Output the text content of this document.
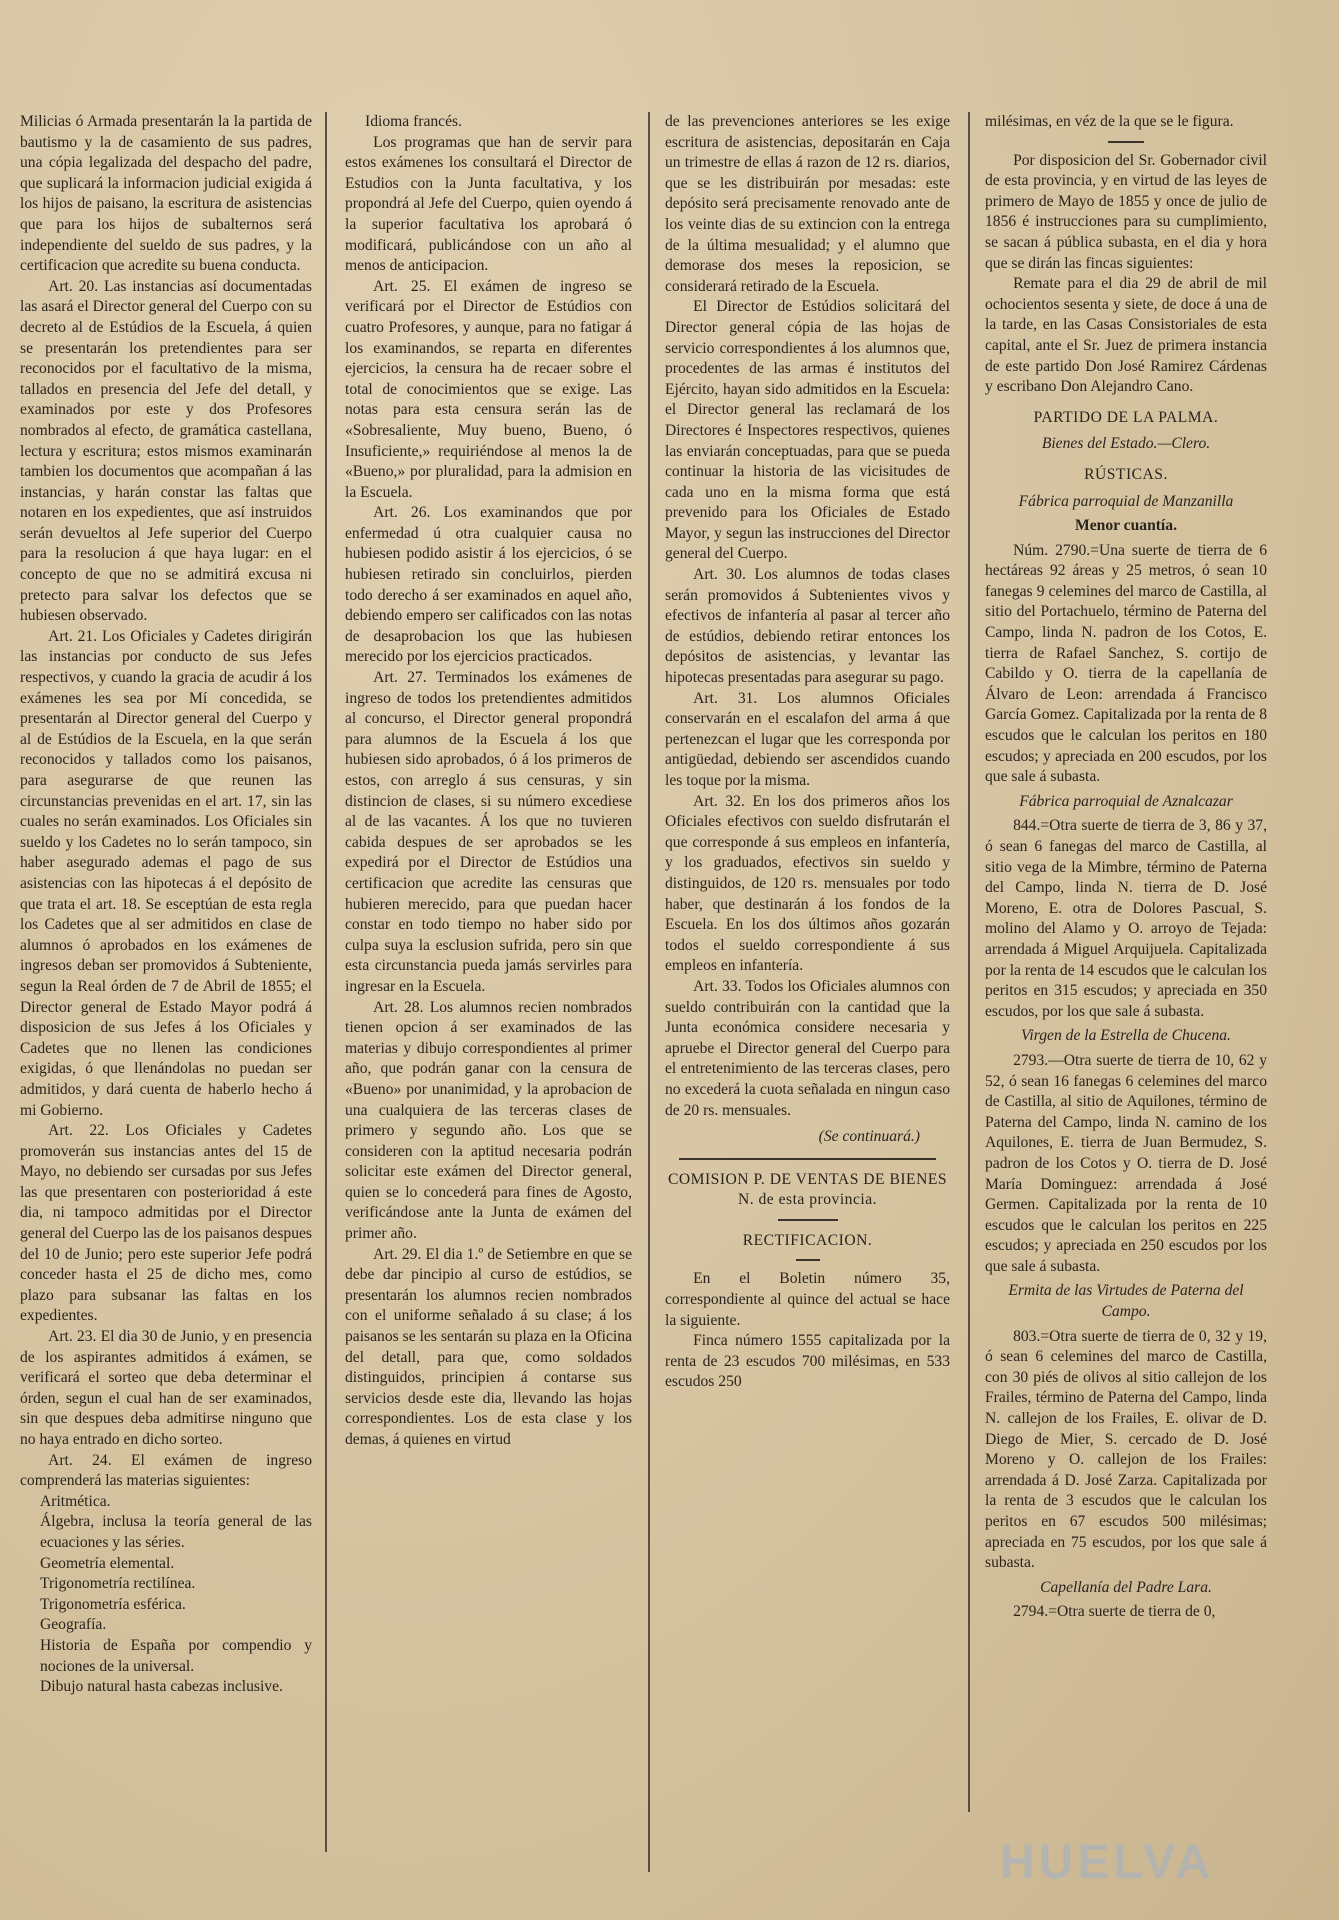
Milicias ó Armada presentarán la la partida de bautismo y la de casamiento de sus padres, una cópia legalizada del despacho del padre, que suplicará la informacion judicial exigida á los hijos de paisano, la escritura de asistencias que para los hijos de subalternos será independiente del sueldo de sus padres, y la certificacion que acredite su buena conducta.

Art. 20. Las instancias así documentadas las asará el Director general del Cuerpo con su decreto al de Estúdios de la Escuela, á quien se presentarán los pretendientes para ser reconocidos por el facultativo de la misma, tallados en presencia del Jefe del detall, y examinados por este y dos Profesores nombrados al efecto, de gramática castellana, lectura y escritura; estos mismos examinarán tambien los documentos que acompañan á las instancias, y harán constar las faltas que notaren en los expedientes, que así instruidos serán devueltos al Jefe superior del Cuerpo para la resolucion á que haya lugar: en el concepto de que no se admitirá excusa ni pretecto para salvar los defectos que se hubiesen observado.

Art. 21. Los Oficiales y Cadetes dirigirán las instancias por conducto de sus Jefes respectivos, y cuando la gracia de acudir á los exámenes les sea por Mí concedida, se presentarán al Director general del Cuerpo y al de Estúdios de la Escuela, en la que serán reconocidos y tallados como los paisanos, para asegurarse de que reunen las circunstancias prevenidas en el art. 17, sin las cuales no serán examinados. Los Oficiales sin sueldo y los Cadetes no lo serán tampoco, sin haber asegurado ademas el pago de sus asistencias con las hipotecas á el depósito de que trata el art. 18. Se esceptúan de esta regla los Cadetes que al ser admitidos en clase de alumnos ó aprobados en los exámenes de ingresos deban ser promovidos á Subteniente, segun la Real órden de 7 de Abril de 1855; el Director general de Estado Mayor podrá á disposicion de sus Jefes á los Oficiales y Cadetes que no llenen las condiciones exigidas, ó que llenándolas no puedan ser admitidos, y dará cuenta de haberlo hecho á mi Gobierno.

Art. 22. Los Oficiales y Cadetes promoverán sus instancias antes del 15 de Mayo, no debiendo ser cursadas por sus Jefes las que presentaren con posterioridad á este dia, ni tampoco admitidas por el Director general del Cuerpo las de los paisanos despues del 10 de Junio; pero este superior Jefe podrá conceder hasta el 25 de dicho mes, como plazo para subsanar las faltas en los expedientes.

Art. 23. El dia 30 de Junio, y en presencia de los aspirantes admitidos á exámen, se verificará el sorteo que deba determinar el órden, segun el cual han de ser examinados, sin que despues deba admitirse ninguno que no haya entrado en dicho sorteo.

Art. 24. El exámen de ingreso comprenderá las materias siguientes:

Aritmética.

Álgebra, inclusa la teoría general de las ecuaciones y las séries.

Geometría elemental.

Trigonometría rectilínea.

Trigonometría esférica.

Geografía.

Historia de España por compendio y nociones de la universal.

Dibujo natural hasta cabezas inclusive.

Idioma francés.

Los programas que han de servir para estos exámenes los consultará el Director de Estudios con la Junta facultativa, y los propondrá al Jefe del Cuerpo, quien oyendo á la superior facultativa los aprobará ó modificará, publicándose con un año al menos de anticipacion.

Art. 25. El exámen de ingreso se verificará por el Director de Estúdios con cuatro Profesores, y aunque, para no fatigar á los examinandos, se reparta en diferentes ejercicios, la censura ha de recaer sobre el total de conocimientos que se exige. Las notas para esta censura serán las de «Sobresaliente, Muy bueno, Bueno, ó Insuficiente,» requiriéndose al menos la de «Bueno,» por pluralidad, para la admision en la Escuela.

Art. 26. Los examinandos que por enfermedad ú otra cualquier causa no hubiesen podido asistir á los ejercicios, ó se hubiesen retirado sin concluirlos, pierden todo derecho á ser examinados en aquel año, debiendo empero ser calificados con las notas de desaprobacion los que las hubiesen merecido por los ejercicios practicados.

Art. 27. Terminados los exámenes de ingreso de todos los pretendientes admitidos al concurso, el Director general propondrá para alumnos de la Escuela á los que hubiesen sido aprobados, ó á los primeros de estos, con arreglo á sus censuras, y sin distincion de clases, si su número excediese al de las vacantes. Á los que no tuvieren cabida despues de ser aprobados se les expedirá por el Director de Estúdios una certificacion que acredite las censuras que hubieren merecido, para que puedan hacer constar en todo tiempo no haber sido por culpa suya la esclusion sufrida, pero sin que esta circunstancia pueda jamás servirles para ingresar en la Escuela.

Art. 28. Los alumnos recien nombrados tienen opcion á ser examinados de las materias y dibujo correspondientes al primer año, que podrán ganar con la censura de «Bueno» por unanimidad, y la aprobacion de una cualquiera de las terceras clases de primero y segundo año. Los que se consideren con la aptitud necesaria podrán solicitar este exámen del Director general, quien se lo concederá para fines de Agosto, verificándose ante la Junta de exámen del primer año.

Art. 29. El dia 1.º de Setiembre en que se debe dar pincipio al curso de estúdios, se presentarán los alumnos recien nombrados con el uniforme señalado á su clase; á los paisanos se les sentarán su plaza en la Oficina del detall, para que, como soldados distinguidos, principien á contarse sus servicios desde este dia, llevando las hojas correspondientes. Los de esta clase y los demas, á quienes en virtud

de las prevenciones anteriores se les exige escritura de asistencias, depositarán en Caja un trimestre de ellas á razon de 12 rs. diarios, que se les distribuirán por mesadas: este depósito será precisamente renovado ante de los veinte dias de su extincion con la entrega de la última mesualidad; y el alumno que demorase dos meses la reposicion, se considerará retirado de la Escuela.

El Director de Estúdios solicitará del Director general cópia de las hojas de servicio correspondientes á los alumnos que, procedentes de las armas é institutos del Ejército, hayan sido admitidos en la Escuela: el Director general las reclamará de los Directores é Inspectores respectivos, quienes las enviarán conceptuadas, para que se pueda continuar la historia de las vicisitudes de cada uno en la misma forma que está prevenido para los Oficiales de Estado Mayor, y segun las instrucciones del Director general del Cuerpo.

Art. 30. Los alumnos de todas clases serán promovidos á Subtenientes vivos y efectivos de infantería al pasar al tercer año de estúdios, debiendo retirar entonces los depósitos de asistencias, y levantar las hipotecas presentadas para asegurar su pago.

Art. 31. Los alumnos Oficiales conservarán en el escalafon del arma á que pertenezcan el lugar que les corresponda por antigüedad, debiendo ser ascendidos cuando les toque por la misma.

Art. 32. En los dos primeros años los Oficiales efectivos con sueldo disfrutarán el que corresponde á sus empleos en infantería, y los graduados, efectivos sin sueldo y distinguidos, de 120 rs. mensuales por todo haber, que destinarán á los fondos de la Escuela. En los dos últimos años gozarán todos el sueldo correspondiente á sus empleos en infantería.

Art. 33. Todos los Oficiales alumnos con sueldo contribuirán con la cantidad que la Junta económica considere necesaria y apruebe el Director general del Cuerpo para el entretenimiento de las terceras clases, pero no excederá la cuota señalada en ningun caso de 20 rs. mensuales.

(Se continuará.)

COMISION P. DE VENTAS DE BIENES N. de esta provincia.

RECTIFICACION.

En el Boletin número 35, correspondiente al quince del actual se hace la siguiente.

Finca número 1555 capitalizada por la renta de 23 escudos 700 milésimas, en 533 escudos 250

milésimas, en véz de la que se le figura.

Por disposicion del Sr. Gobernador civil de esta provincia, y en virtud de las leyes de primero de Mayo de 1855 y once de julio de 1856 é instrucciones para su cumplimiento, se sacan á pública subasta, en el dia y hora que se dirán las fincas siguientes:

Remate para el dia 29 de abril de mil ochocientos sesenta y siete, de doce á una de la tarde, en las Casas Consistoriales de esta capital, ante el Sr. Juez de primera instancia de este partido Don José Ramirez Cárdenas y escribano Don Alejandro Cano.

PARTIDO DE LA PALMA.

Bienes del Estado.—Clero.

RÚSTICAS.

Fábrica parroquial de Manzanilla

Menor cuantía.

Núm. 2790.=Una suerte de tierra de 6 hectáreas 92 áreas y 25 metros, ó sean 10 fanegas 9 celemines del marco de Castilla, al sitio del Portachuelo, término de Paterna del Campo, linda N. padron de los Cotos, E. tierra de Rafael Sanchez, S. cortijo de Cabildo y O. tierra de la capellanía de Álvaro de Leon: arrendada á Francisco García Gomez. Capitalizada por la renta de 8 escudos que le calculan los peritos en 180 escudos; y apreciada en 200 escudos, por los que sale á subasta.

Fábrica parroquial de Aznalcazar

844.=Otra suerte de tierra de 3, 86 y 37, ó sean 6 fanegas del marco de Castilla, al sitio vega de la Mimbre, término de Paterna del Campo, linda N. tierra de D. José Moreno, E. otra de Dolores Pascual, S. molino del Alamo y O. arroyo de Tejada: arrendada á Miguel Arquijuela. Capitalizada por la renta de 14 escudos que le calculan los peritos en 315 escudos; y apreciada en 350 escudos, por los que sale á subasta.

Virgen de la Estrella de Chucena.

2793.—Otra suerte de tierra de 10, 62 y 52, ó sean 16 fanegas 6 celemines del marco de Castilla, al sitio de Aquilones, término de Paterna del Campo, linda N. camino de los Aquilones, E. tierra de Juan Bermudez, S. padron de los Cotos y O. tierra de D. José María Dominguez: arrendada á José Germen. Capitalizada por la renta de 10 escudos que le calculan los peritos en 225 escudos; y apreciada en 250 escudos por los que sale á subasta.

Ermita de las Virtudes de Paterna del Campo.

803.=Otra suerte de tierra de 0, 32 y 19, ó sean 6 celemines del marco de Castilla, con 30 piés de olivos al sitio callejon de los Frailes, término de Paterna del Campo, linda N. callejon de los Frailes, E. olivar de D. Diego de Mier, S. cercado de D. José Moreno y O. callejon de los Frailes: arrendada á D. José Zarza. Capitalizada por la renta de 3 escudos que le calculan los peritos en 67 escudos 500 milésimas; apreciada en 75 escudos, por los que sale á subasta.

Capellanía del Padre Lara.

2794.=Otra suerte de tierra de 0,

HUELVA
